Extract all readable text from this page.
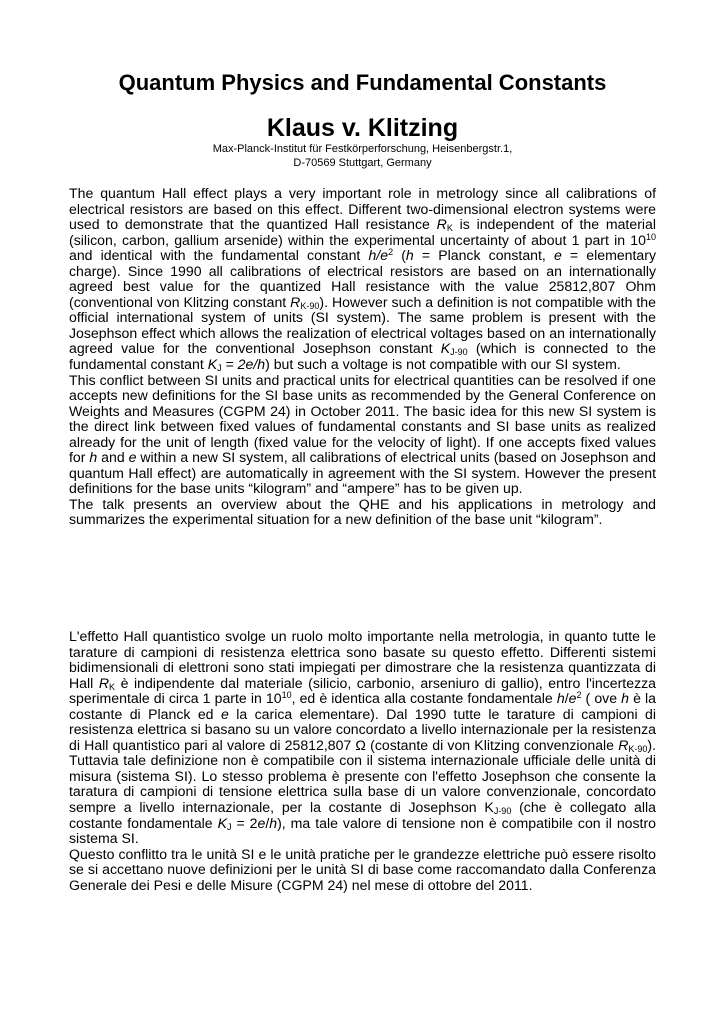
Quantum Physics and Fundamental Constants
Klaus v. Klitzing
Max-Planck-Institut für Festkörperforschung, Heisenbergstr.1,
D-70569 Stuttgart, Germany

The quantum Hall effect plays a very important role in metrology since all calibrations of electrical resistors are based on this effect. Different two-dimensional electron systems were used to demonstrate that the quantized Hall resistance $R_K$ is independent of the material (silicon, carbon, gallium arsenide) within the experimental uncertainty of about 1 part in $10^{10}$ and identical with the fundamental constant $h/e^2$ (h = Planck constant, e = elementary charge). Since 1990 all calibrations of electrical resistors are based on an internationally agreed best value for the quantized Hall resistance with the value 25812,807 Ohm (conventional von Klitzing constant $R_{K-90}$). However such a definition is not compatible with the official international system of units (SI system). The same problem is present with the Josephson effect which allows the realization of electrical voltages based on an internationally agreed value for the conventional Josephson constant $K_{J-90}$ (which is connected to the fundamental constant $K_J = 2e/h$) but such a voltage is not compatible with our SI system.

This conflict between SI units and practical units for electrical quantities can be resolved if one accepts new definitions for the SI base units as recommended by the General Conference on Weights and Measures (CGPM 24) in October 2011. The basic idea for this new SI system is the direct link between fixed values of fundamental constants and SI base units as realized already for the unit of length (fixed value for the velocity of light). If one accepts fixed values for h and e within a new SI system, all calibrations of electrical units (based on Josephson and quantum Hall effect) are automatically in agreement with the SI system. However the present definitions for the base units “kilogram” and “ampere” has to be given up.

The talk presents an overview about the QHE and his applications in metrology and summarizes the experimental situation for a new definition of the base unit “kilogram”.

L'effetto Hall quantistico svolge un ruolo molto importante nella metrologia, in quanto tutte le tarature di campioni di resistenza elettrica sono basate su questo effetto. Differenti sistemi bidimensionali di elettroni sono stati impiegati per dimostrare che la resistenza quantizzata di Hall $R_K$ è indipendente dal materiale (silicio, carbonio, arseniuro di gallio), entro l'incertezza sperimentale di circa 1 parte in $10^{10}$, ed è identica alla costante fondamentale $h/e^2$ ( ove h è la costante di Planck ed e la carica elementare). Dal 1990 tutte le tarature di campioni di resistenza elettrica si basano su un valore concordato a livello internazionale per la resistenza di Hall quantistico pari al valore di 25812,807 Ω (costante di von Klitzing convenzionale $R_{K-90}$). Tuttavia tale definizione non è compatibile con il sistema internazionale ufficiale delle unità di misura (sistema SI). Lo stesso problema è presente con l'effetto Josephson che consente la taratura di campioni di tensione elettrica sulla base di un valore convenzionale, concordato sempre a livello internazionale, per la costante di Josephson $K_{J-90}$ (che è collegato alla costante fondamentale $K_J = 2e/h$), ma tale valore di tensione non è compatibile con il nostro sistema SI.

Questo conflitto tra le unità SI e le unità pratiche per le grandezze elettriche può essere risolto se si accettano nuove definizioni per le unità SI di base come raccomandato dalla Conferenza Generale dei Pesi e delle Misure (CGPM 24) nel mese di ottobre del 2011.
